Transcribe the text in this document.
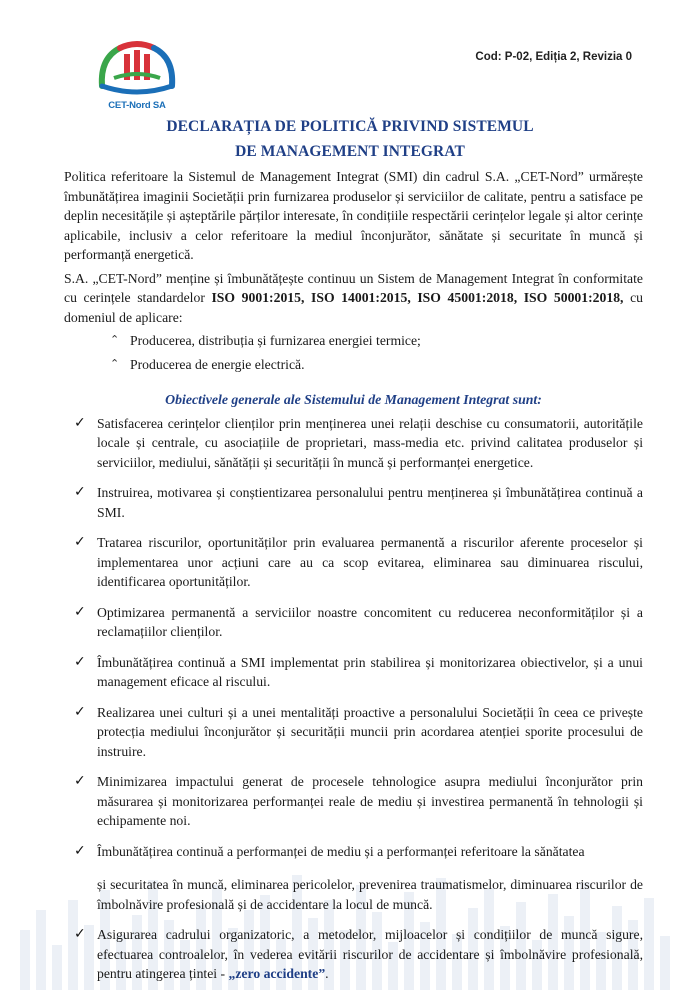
CET-Nord SA
Cod: P-02, Ediția 2, Revizia 0
DECLARAȚIA DE POLITICĂ PRIVIND SISTEMUL
DE MANAGEMENT INTEGRAT

Politica referitoare la Sistemul de Management Integrat (SMI) din cadrul S.A. „CET-Nord” urmărește îmbunătățirea imaginii Societății prin furnizarea produselor și serviciilor de calitate, pentru a satisface pe deplin necesitățile și așteptările părților interesate, în condițiile respectării cerințelor legale și altor cerințe aplicabile, inclusiv a celor referitoare la mediul înconjurător, sănătate și securitate în muncă și performanță energetică.

S.A. „CET-Nord” menține și îmbunătățește continuu un Sistem de Management Integrat în conformitate cu cerințele standardelor ISO 9001:2015, ISO 14001:2015, ISO 45001:2018, ISO 50001:2018, cu domeniul de aplicare:

⌃ Producerea, distribuția și furnizarea energiei termice;
⌃ Producerea de energie electrică.
Obiectivele generale ale Sistemului de Management Integrat sunt:
✓ Satisfacerea cerințelor clienților prin menținerea unei relații deschise cu consumatorii, autoritățile locale și centrale, cu asociațiile de proprietari, mass-media etc. privind calitatea produselor și serviciilor, mediului, sănătății și securității în muncă și performanței energetice.
✓ Instruirea, motivarea și conștientizarea personalului pentru menținerea și îmbunătățirea continuă a SMI.
✓ Tratarea riscurilor, oportunităților prin evaluarea permanentă a riscurilor aferente proceselor și implementarea unor acțiuni care au ca scop evitarea, eliminarea sau diminuarea riscului, identificarea oportunităților.
✓ Optimizarea permanentă a serviciilor noastre concomitent cu reducerea neconformităților și a reclamațiilor clienților.
✓ Îmbunătățirea continuă a SMI implementat prin stabilirea și monitorizarea obiectivelor, și a unui management eficace al riscului.
✓ Realizarea unei culturi și a unei mentalități proactive a personalului Societății în ceea ce privește protecția mediului înconjurător și securității muncii prin acordarea atenției sporite procesului de instruire.
✓ Minimizarea impactului generat de procesele tehnologice asupra mediului înconjurător prin măsurarea și monitorizarea performanței reale de mediu și investirea permanentă în tehnologii și echipamente noi.
✓ Îmbunătățirea continuă a performanței de mediu și a performanței referitoare la sănătatea
și securitatea în muncă, eliminarea pericolelor, prevenirea traumatismelor, diminuarea riscurilor de îmbolnăvire profesională și de accidentare la locul de muncă.
✓ Asigurarea cadrului organizatoric, a metodelor, mijloacelor și condițiilor de muncă sigure, efectuarea controalelor, în vederea evitării riscurilor de accidentare și îmbolnăvire profesională, pentru atingerea țintei - „zero accidente”.
